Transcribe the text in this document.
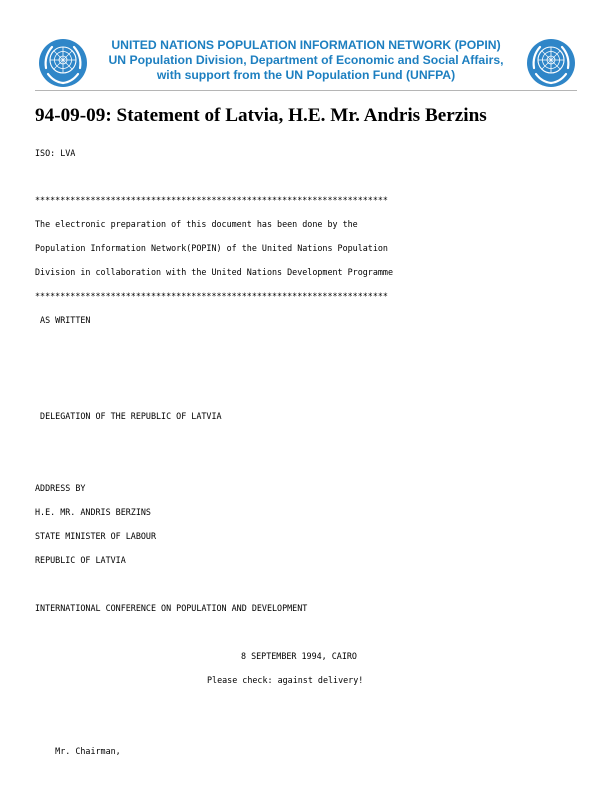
UNITED NATIONS POPULATION INFORMATION NETWORK (POPIN)
UN Population Division, Department of Economic and Social Affairs,
with support from the UN Population Fund (UNFPA)
94-09-09: Statement of Latvia, H.E. Mr. Andris Berzins

ISO: LVA

**********************************************************************

The electronic preparation of this document has been done by the

Population Information Network(POPIN) of the United Nations Population

Division in collaboration with the United Nations Development Programme

**********************************************************************

AS WRITTEN

DELEGATION OF THE REPUBLIC OF LATVIA

ADDRESS BY

H.E. MR. ANDRIS BERZINS

STATE MINISTER OF LABOUR

REPUBLIC OF LATVIA

INTERNATIONAL CONFERENCE ON POPULATION AND DEVELOPMENT

8 SEPTEMBER 1994, CAIRO

Please check: against delivery!

Mr. Chairman,
